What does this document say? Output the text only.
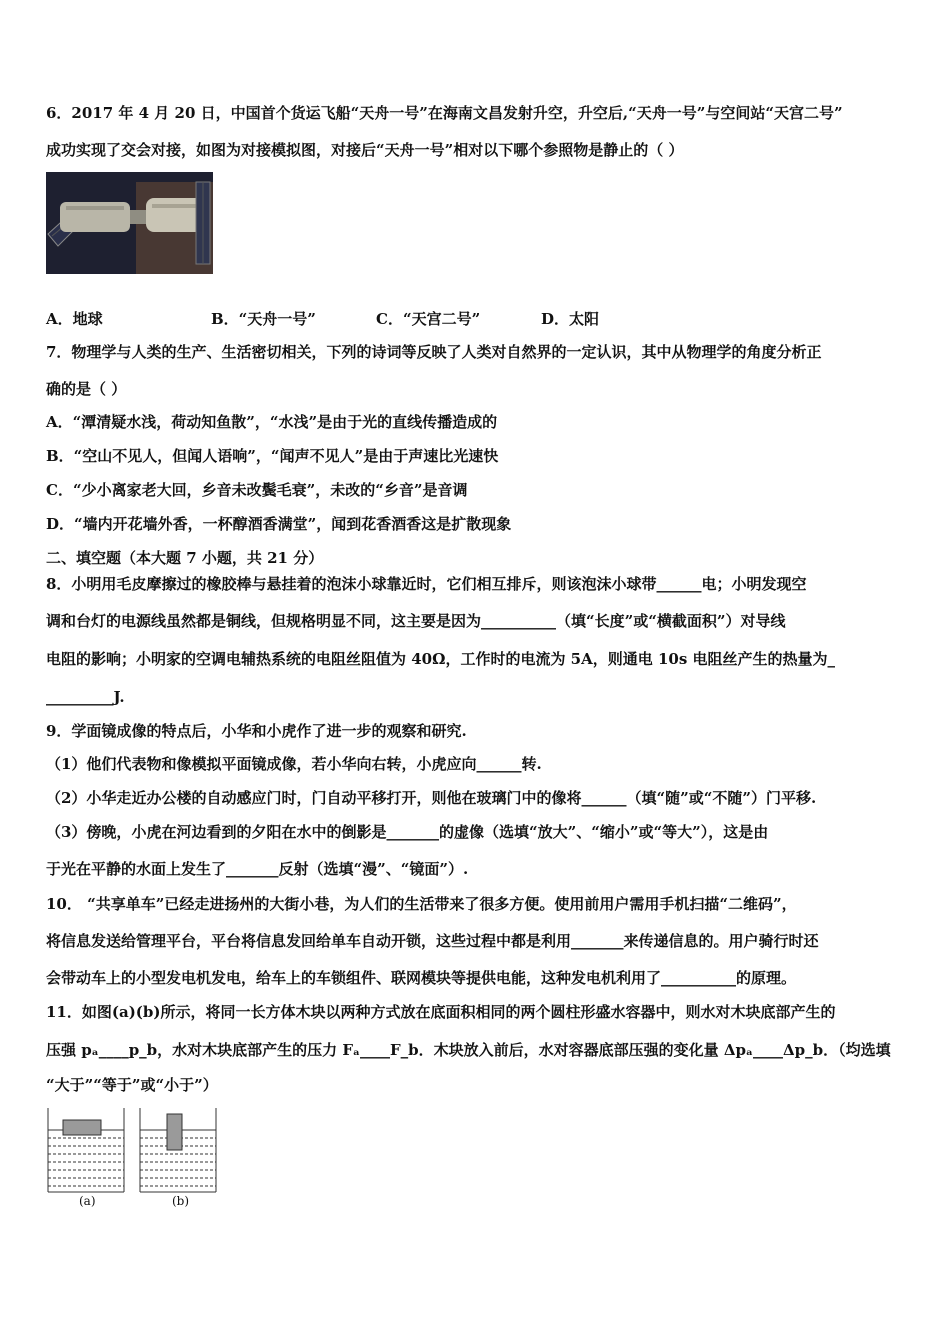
6．2017 年 4 月 20 日，中国首个货运飞船“天舟一号”在海南文昌发射升空，升空后,“天舟一号”与空间站“天宫二号”
成功实现了交会对接，如图为对接模拟图，对接后“天舟一号”相对以下哪个参照物是静止的（ ）
A．地球	B．“天舟一号”	C．“天宫二号”	D．太阳
7．物理学与人类的生产、生活密切相关，下列的诗词等反映了人类对自然界的一定认识，其中从物理学的角度分析正
确的是（ ）
A．“潭清疑水浅，荷动知鱼散”，“水浅”是由于光的直线传播造成的
B．“空山不见人，但闻人语响”，“闻声不见人”是由于声速比光速快
C．“少小离家老大回，乡音未改鬓毛衰”，未改的“乡音”是音调
D．“墙内开花墙外香，一杯醇酒香满堂”，闻到花香酒香这是扩散现象
二、填空题（本大题 7 小题，共 21 分）
8．小明用毛皮摩擦过的橡胶棒与悬挂着的泡沫小球靠近时，它们相互排斥，则该泡沫小球带______电；小明发现空
调和台灯的电源线虽然都是铜线，但规格明显不同，这主要是因为__________（填“长度”或“横截面积”）对导线
电阻的影响；小明家的空调电辅热系统的电阻丝阻值为 40Ω，工作时的电流为 5A，则通电 10s 电阻丝产生的热量为_
_________J.
9．学面镜成像的特点后，小华和小虎作了进一步的观察和研究.
（1）他们代表物和像模拟平面镜成像，若小华向右转，小虎应向______转.
（2）小华走近办公楼的自动感应门时，门自动平移打开，则他在玻璃门中的像将______（填“随”或“不随”）门平移.
（3）傍晚，小虎在河边看到的夕阳在水中的倒影是_______的虚像（选填“放大”、“缩小”或“等大”），这是由
于光在平静的水面上发生了_______反射（选填“漫”、“镜面”）.
10． “共享单车”已经走进扬州的大街小巷，为人们的生活带来了很多方便。使用前用户需用手机扫描“二维码”，
将信息发送给管理平台，平台将信息发回给单车自动开锁，这些过程中都是利用_______来传递信息的。用户骑行时还
会带动车上的小型发电机发电，给车上的车锁组件、联网模块等提供电能，这种发电机利用了__________的原理。
11．如图(a)(b)所示，将同一长方体木块以两种方式放在底面积相同的两个圆柱形盛水容器中，则水对木块底部产生的
压强 pₐ____p_b，水对木块底部产生的压力 Fₐ____F_b．木块放入前后，水对容器底部压强的变化量 Δpₐ____Δp_b．（均选填
“大于”“等于”或“小于”）
(a)	(b)
